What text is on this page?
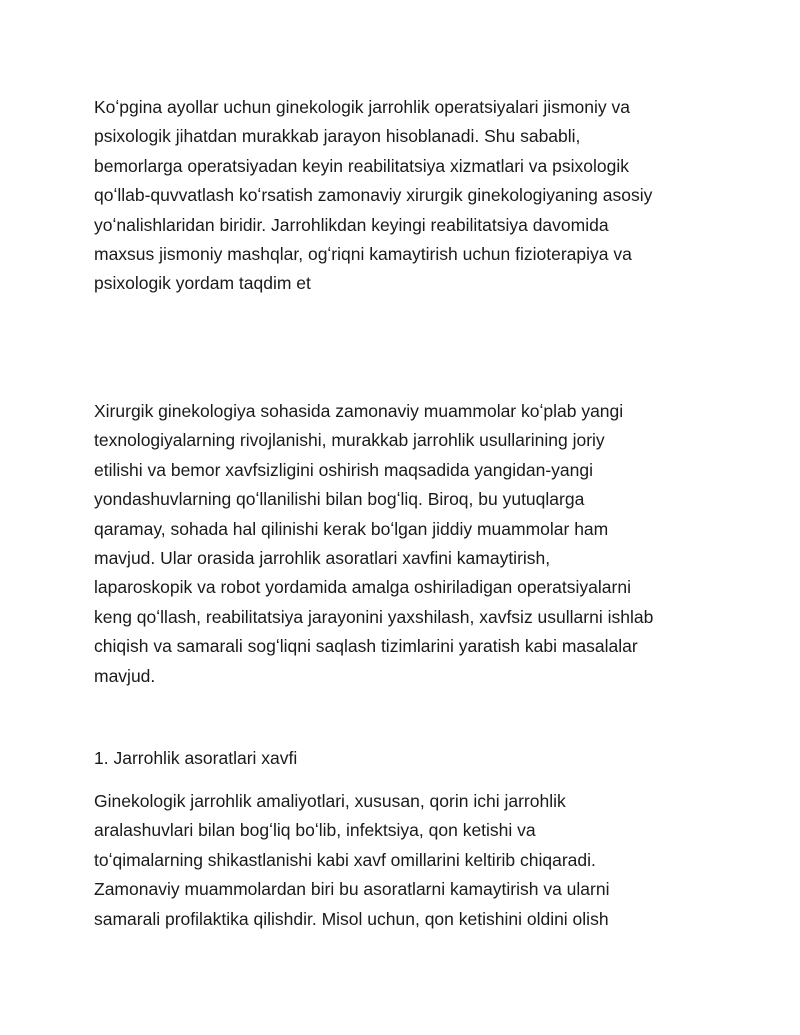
Koʻpgina ayollar uchun ginekologik jarrohlik operatsiyalari jismoniy va
psixologik jihatdan murakkab jarayon hisoblanadi. Shu sababli,
bemorlarga operatsiyadan keyin reabilitatsiya xizmatlari va psixologik
qoʻllab-quvvatlash koʻrsatish zamonaviy xirurgik ginekologiyaning asosiy
yoʻnalishlaridan biridir. Jarrohlikdan keyingi reabilitatsiya davomida
maxsus jismoniy mashqlar, ogʻriqni kamaytirish uchun fizioterapiya va
psixologik yordam taqdim et

Xirurgik ginekologiya sohasida zamonaviy muammolar koʻplab yangi
texnologiyalarning rivojlanishi, murakkab jarrohlik usullarining joriy
etilishi va bemor xavfsizligini oshirish maqsadida yangidan-yangi
yondashuvlarning qoʻllanilishi bilan bogʻliq. Biroq, bu yutuqlarga
qaramay, sohada hal qilinishi kerak boʻlgan jiddiy muammolar ham
mavjud. Ular orasida jarrohlik asoratlari xavfini kamaytirish,
laparoskopik va robot yordamida amalga oshiriladigan operatsiyalarni
keng qoʻllash, reabilitatsiya jarayonini yaxshilash, xavfsiz usullarni ishlab
chiqish va samarali sogʻliqni saqlash tizimlarini yaratish kabi masalalar
mavjud.

1. Jarrohlik asoratlari xavfi

Ginekologik jarrohlik amaliyotlari, xususan, qorin ichi jarrohlik
aralashuvlari bilan bogʻliq boʻlib, infektsiya, qon ketishi va
toʻqimalarning shikastlanishi kabi xavf omillarini keltirib chiqaradi.
Zamonaviy muammolardan biri bu asoratlarni kamaytirish va ularni
samarali profilaktika qilishdir. Misol uchun, qon ketishini oldini olish
